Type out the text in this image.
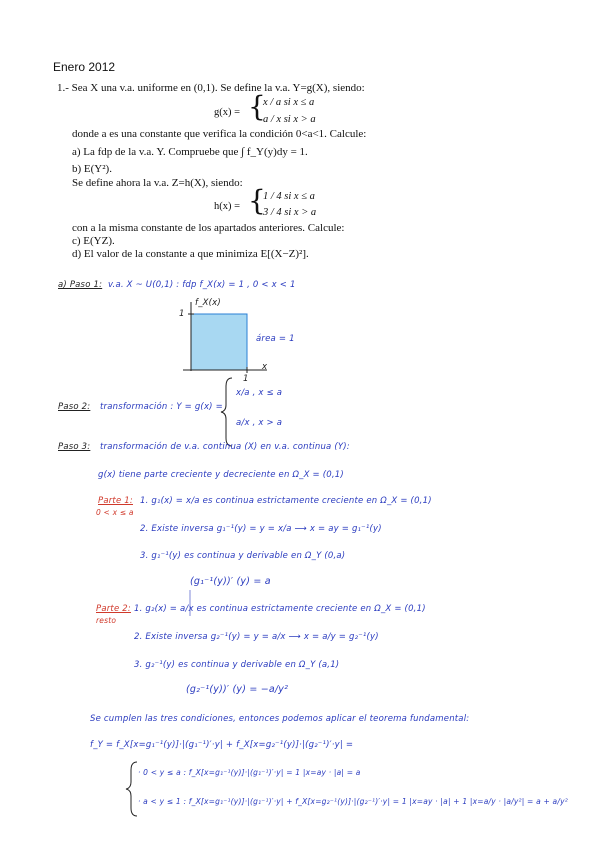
Enero 2012
1.- Sea X una v.a. uniforme en (0,1). Se define la v.a. Y=g(X), siendo:
g(x) = {
x / a si x ≤ a
a / x si x > a
donde a es una constante que verifica la condición 0<a<1. Calcule:
a) La fdp de la v.a. Y. Compruebe que ∫ f_Y(y)dy = 1.
b) E(Y²).
Se define ahora la v.a. Z=h(X), siendo:
h(x) = {
1 / 4 si x ≤ a
3 / 4 si x > a
con a la misma constante de los apartados anteriores. Calcule:
c) E(YZ).
d) El valor de la constante a que minimiza E[(X−Z)²].
a) Paso 1: v.a. X ~ U(0,1) : fdp f_X(x) = 1 , 0 < x < 1
f_X(x)
1
1
x
área = 1
Paso 2: transformación : Y = g(x) =
x/a , x ≤ a
a/x , x > a
Paso 3: transformación de v.a. continua (X) en v.a. continua (Y):
g(x) tiene parte creciente y decreciente en Ω_X = (0,1)
Parte 1:
0 < x ≤ a
1. g₁(x) = x/a es continua estrictamente creciente en Ω_X = (0,1)
2. Existe inversa g₁⁻¹(y) = y = x/a ⟶ x = ay = g₁⁻¹(y)
3. g₁⁻¹(y) es continua y derivable en Ω_Y (0,a)
(g₁⁻¹(y))′ (y) = a
Parte 2:
resto
1. g₂(x) = a/x es continua estrictamente creciente en Ω_X = (0,1)
2. Existe inversa g₂⁻¹(y) = y = a/x ⟶ x = a/y = g₂⁻¹(y)
3. g₂⁻¹(y) es continua y derivable en Ω_Y (a,1)
(g₂⁻¹(y))′ (y) = −a/y²
Se cumplen las tres condiciones, entonces podemos aplicar el teorema fundamental:
f_Y = f_X[x=g₁⁻¹(y)]·|(g₁⁻¹)′·y| + f_X[x=g₂⁻¹(y)]·|(g₂⁻¹)′·y| =
· 0 < y ≤ a : f_X[x=g₁⁻¹(y)]·|(g₁⁻¹)′·y| = 1 |x=ay · |a| = a
· a < y ≤ 1 : f_X[x=g₁⁻¹(y)]·|(g₁⁻¹)′·y| + f_X[x=g₂⁻¹(y)]·|(g₂⁻¹)′·y| = 1 |x=ay · |a| + 1 |x=a/y · |a/y²| = a + a/y²
